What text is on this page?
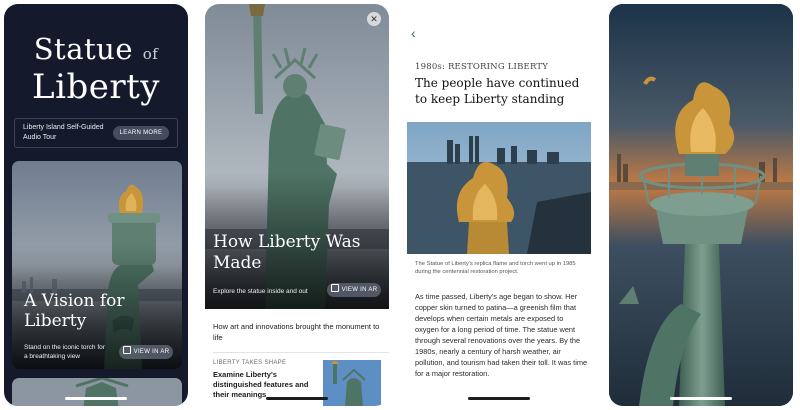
Statue of
Liberty
Liberty Island Self-Guided Audio Tour
LEARN MORE
A Vision for Liberty
Stand on the iconic torch for a breathtaking view
VIEW IN AR
✕
How Liberty Was Made
Explore the statue inside and out	VIEW IN AR
How art and innovations brought the monument to life
LIBERTY TAKES SHAPE
Examine Liberty's distinguished features and their meanings
‹
1980s: RESTORING LIBERTY
The people have continued to keep Liberty standing
The Statue of Liberty's replica flame and torch went up in 1985 during the centennial restoration project.
As time passed, Liberty's age began to show. Her copper skin turned to patina—a greenish film that develops when certain metals are exposed to oxygen for a long period of time. The statue went through several renovations over the years. By the 1980s, nearly a century of harsh weather, air pollution, and tourism had taken their toll. It was time for a major restoration.
